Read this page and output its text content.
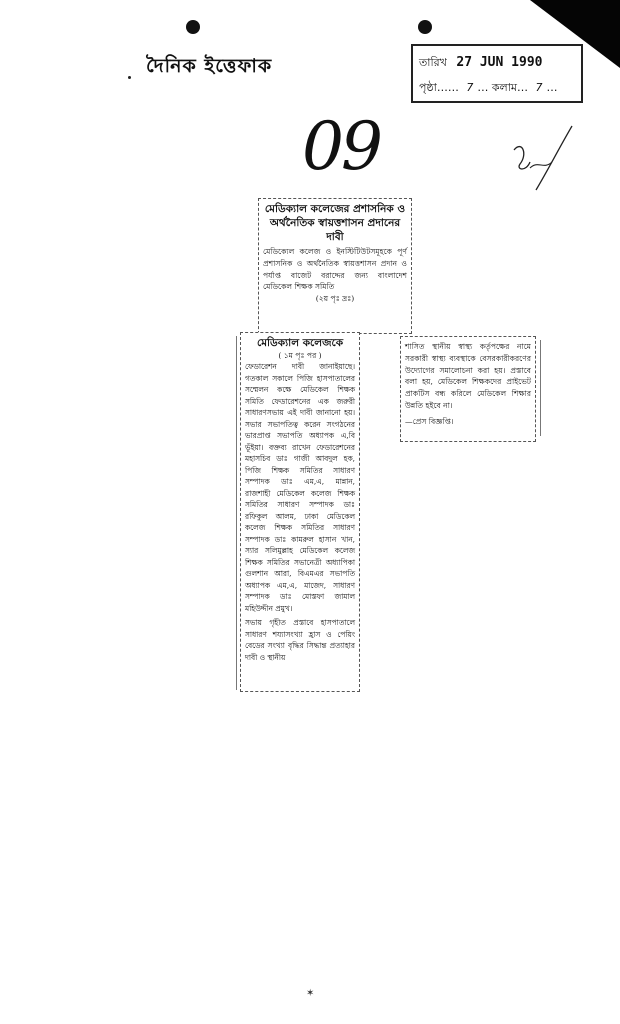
দৈনিক ইত্তেফাক	তারিখ 27 JUN 1990
পৃষ্ঠা…… 7 … কলাম… 7 …
09
মেডিক্যাল কলেজের প্রশাসনিক ও অর্থনৈতিক স্বায়ত্তশাসন প্রদানের দাবী

মেডিক্যেল কলেজ ও ইনস্টিটিউটসমূহকে পূর্ণ প্রশাসনিক ও অর্থনৈতিক স্বায়ত্তশাসন প্রদান ও পর্যাপ্ত বাজেট বরাদ্দের জন্য বাংলাদেশ মেডিকেল শিক্ষক সমিতি

(২য় পৃঃ দ্রঃ)
মেডিক্যাল কলেজকে
( ১ম পৃঃ পর )

ফেডারেশন দাবী জানাইয়াছে। গতকাল সকালে পিজি হাসপাতালের সম্মেলন কক্ষে মেডিকেল শিক্ষক সমিতি ফেডারেশনের এক জরুরী সাধারণসভায় এই দাবী জানানো হয়। সভার সভাপতিত্ব করেন সংগঠনের ভারপ্রাপ্ত সভাপতি অধ্যাপক এ,বি ভূঁইয়া। বক্তব্য রাখেন ফেডারেশনের মহাসচিব ডাঃ গাজী আবদুল হক, পিজি শিক্ষক সমিতির সাধারণ সম্পাদক ডাঃ এম,এ, মান্নান, রাজশাহী মেডিকেল কলেজ শিক্ষক সমিতির সাধারণ সম্পাদক ডাঃ রফিকুল আলম, ঢাকা মেডিকেল কলেজ শিক্ষক সমিতির সাধারণ সম্পাদক ডাঃ কামরুল হাসান খান, স্যার সলিমুল্লাহ মেডিকেল কলেজ শিক্ষক সমিতির সভানেত্রী অধ্যাপিকা গুলশান আরা, বিএমএর সভাপতি অধ্যাপক এম,এ, মাজেদ, সাধারণ সম্পাদক ডাঃ মোস্তফা জামাল মহিউদ্দীন প্রমুখ।

সভায় গৃহীত প্রস্তাবে হাসপাতালে সাধারণ শয্যাসংখ্যা হ্রাস ও পেয়িং বেডের সংখ্যা বৃদ্ধির সিদ্ধান্ত প্রত্যাহার দাবী ও স্থানীয়

শাসিত স্থানীয় স্বাস্থ্য কর্তৃপক্ষের নামে সরকারী স্বাস্থ্য ব্যবস্থাকে বেসরকারীকরণের উদ্যোগের সমালোচনা করা হয়। প্রস্তাবে বলা হয়, মেডিকেল শিক্ষকদের প্রাইভেট প্রাকটিস বন্ধ করিলে মেডিকেল শিক্ষার উন্নতি হইবে না।

—প্রেস বিজ্ঞপ্তি।

✶
